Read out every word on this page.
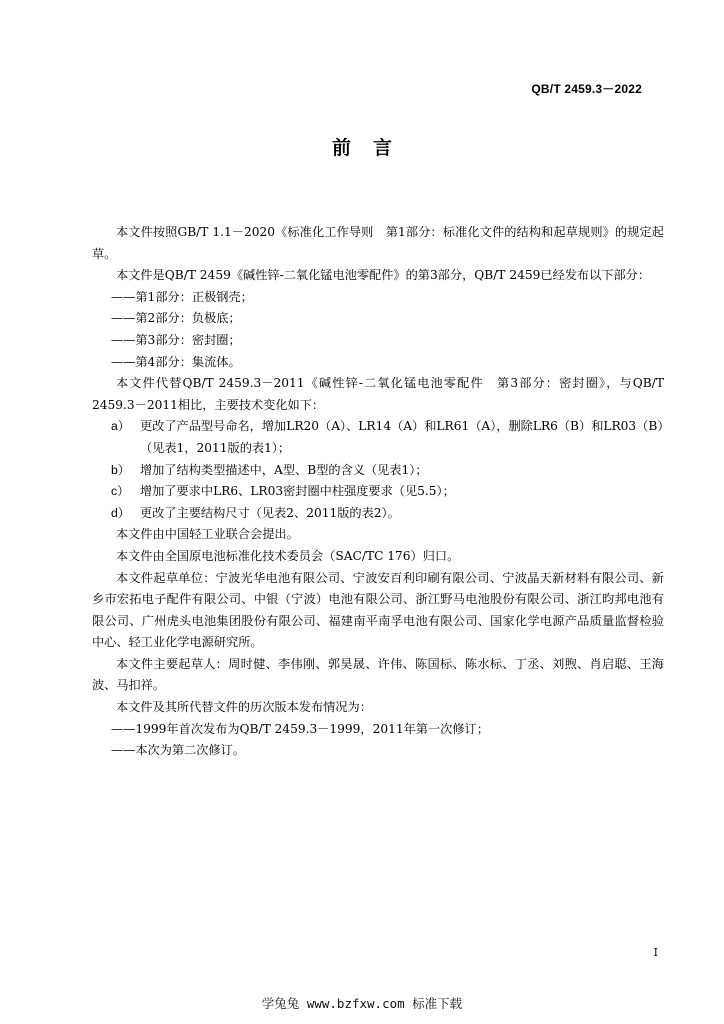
QB/T 2459.3－2022
前言

本文件按照GB/T 1.1－2020《标准化工作导则　第1部分：标准化文件的结构和起草规则》的规定起草。

本文件是QB/T 2459《碱性锌-二氧化锰电池零配件》的第3部分，QB/T 2459已经发布以下部分：

——第1部分：正极钢壳；

——第2部分：负极底；

——第3部分：密封圈；

——第4部分：集流体。

本文件代替QB/T 2459.3－2011《碱性锌-二氧化锰电池零配件　第3部分：密封圈》，与QB/T 2459.3－2011相比，主要技术变化如下：

a） 更改了产品型号命名，增加LR20（A）、LR14（A）和LR61（A），删除LR6（B）和LR03（B）（见表1，2011版的表1）；
b） 增加了结构类型描述中，A型、B型的含义（见表1）；
c） 增加了要求中LR6、LR03密封圈中柱强度要求（见5.5）；
d） 更改了主要结构尺寸（见表2、2011版的表2）。

本文件由中国轻工业联合会提出。

本文件由全国原电池标准化技术委员会（SAC/TC 176）归口。

本文件起草单位：宁波光华电池有限公司、宁波安百利印刷有限公司、宁波晶天新材料有限公司、新乡市宏拓电子配件有限公司、中银（宁波）电池有限公司、浙江野马电池股份有限公司、浙江昀邦电池有限公司、广州虎头电池集团股份有限公司、福建南平南孚电池有限公司、国家化学电源产品质量监督检验中心、轻工业化学电源研究所。

本文件主要起草人：周时健、李伟刚、郭昊晟、许伟、陈国标、陈水标、丁丞、刘煦、肖启聪、王海波、马扣祥。

本文件及其所代替文件的历次版本发布情况为：

——1999年首次发布为QB/T 2459.3－1999，2011年第一次修订；

——本次为第二次修订。

I
学兔兔 www.bzfxw.com 标准下载
